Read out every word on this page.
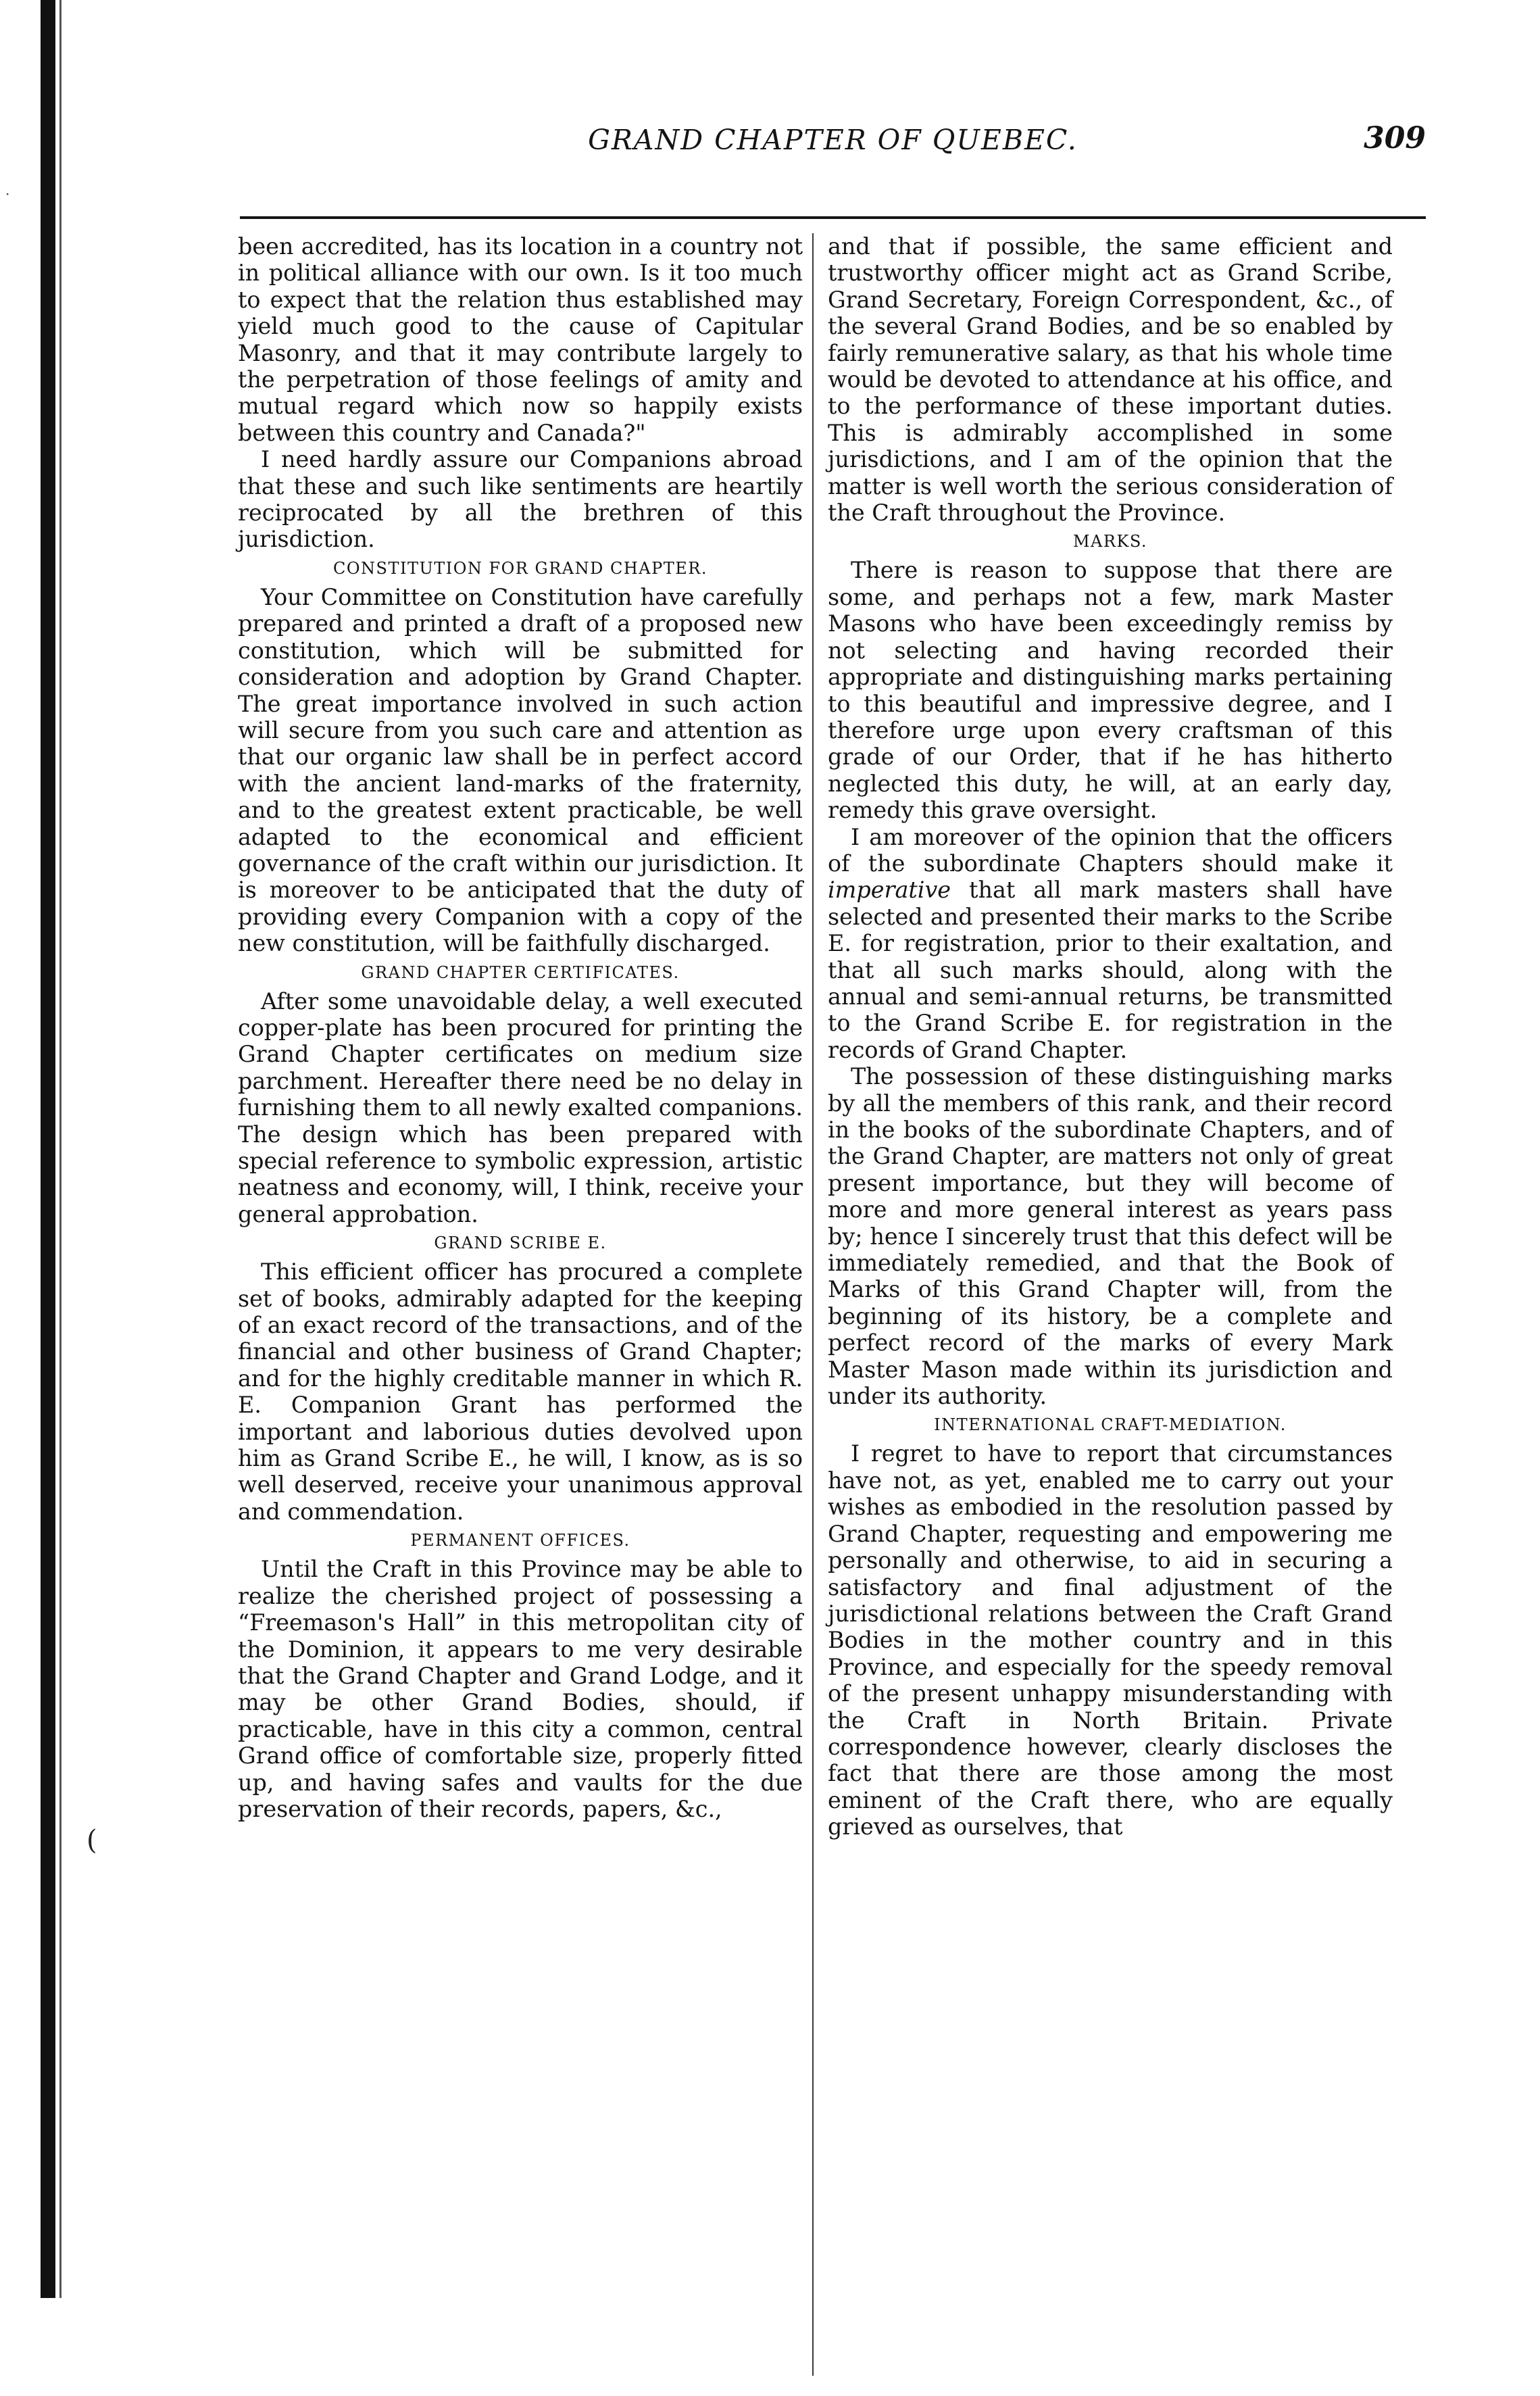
·
GRAND CHAPTER OF QUEBEC.	309
(

been accredited, has its location in a country not in political alliance with our own. Is it too much to expect that the relation thus established may yield much good to the cause of Capitular Masonry, and that it may contribute largely to the perpetration of those feelings of amity and mutual regard which now so happily exists between this country and Canada?"

I need hardly assure our Companions abroad that these and such like sentiments are heartily reciprocated by all the brethren of this jurisdiction.

CONSTITUTION FOR GRAND CHAPTER.

Your Committee on Constitution have carefully prepared and printed a draft of a proposed new constitution, which will be submitted for consideration and adoption by Grand Chapter. The great importance involved in such action will secure from you such care and attention as that our organic law shall be in perfect accord with the ancient land-marks of the fraternity, and to the greatest extent practicable, be well adapted to the economical and efficient governance of the craft within our jurisdiction. It is moreover to be anticipated that the duty of providing every Companion with a copy of the new constitution, will be faithfully discharged.

GRAND CHAPTER CERTIFICATES.

After some unavoidable delay, a well executed copper-plate has been procured for printing the Grand Chapter certificates on medium size parchment. Hereafter there need be no delay in furnishing them to all newly exalted companions. The design which has been prepared with special reference to symbolic expression, artistic neatness and economy, will, I think, receive your general approbation.

GRAND SCRIBE E.

This efficient officer has procured a complete set of books, admirably adapted for the keeping of an exact record of the transactions, and of the financial and other business of Grand Chapter; and for the highly creditable manner in which R. E. Companion Grant has performed the important and laborious duties devolved upon him as Grand Scribe E., he will, I know, as is so well deserved, receive your unanimous approval and commendation.

PERMANENT OFFICES.

Until the Craft in this Province may be able to realize the cherished project of possessing a “Freemason's Hall” in this metropolitan city of the Dominion, it appears to me very desirable that the Grand Chapter and Grand Lodge, and it may be other Grand Bodies, should, if practicable, have in this city a common, central Grand office of comfortable size, properly fitted up, and having safes and vaults for the due preservation of their records, papers, &c.,

and that if possible, the same efficient and trustworthy officer might act as Grand Scribe, Grand Secretary, Foreign Correspondent, &c., of the several Grand Bodies, and be so enabled by fairly remunerative salary, as that his whole time would be devoted to attendance at his office, and to the performance of these important duties. This is admirably accomplished in some jurisdictions, and I am of the opinion that the matter is well worth the serious consideration of the Craft throughout the Province.

MARKS.

There is reason to suppose that there are some, and perhaps not a few, mark Master Masons who have been exceedingly remiss by not selecting and having recorded their appropriate and distinguishing marks pertaining to this beautiful and impressive degree, and I therefore urge upon every craftsman of this grade of our Order, that if he has hitherto neglected this duty, he will, at an early day, remedy this grave oversight.

I am moreover of the opinion that the officers of the subordinate Chapters should make it imperative that all mark masters shall have selected and presented their marks to the Scribe E. for registration, prior to their exaltation, and that all such marks should, along with the annual and semi-annual returns, be transmitted to the Grand Scribe E. for registration in the records of Grand Chapter.

The possession of these distinguishing marks by all the members of this rank, and their record in the books of the subordinate Chapters, and of the Grand Chapter, are matters not only of great present importance, but they will become of more and more general interest as years pass by; hence I sincerely trust that this defect will be immediately remedied, and that the Book of Marks of this Grand Chapter will, from the beginning of its history, be a complete and perfect record of the marks of every Mark Master Mason made within its jurisdiction and under its authority.

INTERNATIONAL CRAFT-MEDIATION.

I regret to have to report that circumstances have not, as yet, enabled me to carry out your wishes as embodied in the resolution passed by Grand Chapter, requesting and empowering me personally and otherwise, to aid in securing a satisfactory and final adjustment of the jurisdictional relations between the Craft Grand Bodies in the mother country and in this Province, and especially for the speedy removal of the present unhappy misunderstanding with the Craft in North Britain. Private correspondence however, clearly discloses the fact that there are those among the most eminent of the Craft there, who are equally grieved as ourselves, that
